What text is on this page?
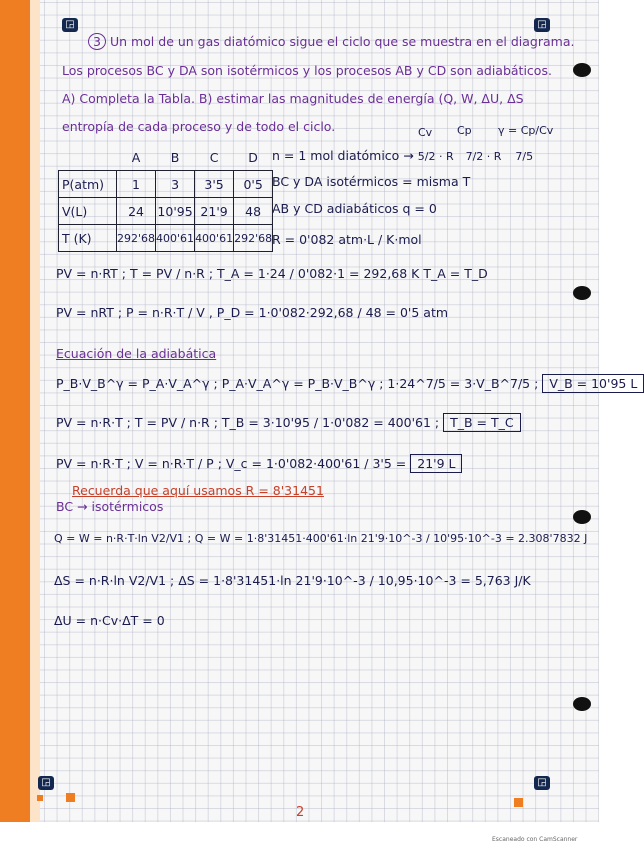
◲	◲
◲	◲
3 Un mol de un gas diatómico sigue el ciclo que se muestra en el diagrama.
Los procesos BC y DA son isotérmicos y los procesos AB y CD son adiabáticos.
A) Completa la Tabla. B) estimar las magnitudes de energía (Q, W, ΔU, ΔS
entropía de cada proceso y de todo el ciclo.	Cv Cp γ = Cp/Cv
	A	B	C	D
P(atm)	1	3	3'5	0'5
V(L)	24	10'95	21'9	48
T (K)	292'68	400'61	400'61	292'68
n = 1 mol diatómico → 5/2 · R 7/2 · R 7/5
BC y DA isotérmicos = misma T
AB y CD adiabáticos q = 0
R = 0'082 atm·L / K·mol
PV = n·RT ; T = PV / n·R ; T_A = 1·24 / 0'082·1 = 292,68 K T_A = T_D
PV = nRT ; P = n·R·T / V , P_D = 1·0'082·292,68 / 48 = 0'5 atm
Ecuación de la adiabática
P_B·V_B^γ = P_A·V_A^γ ; P_A·V_A^γ = P_B·V_B^γ ; 1·24^7/5 = 3·V_B^7/5 ; V_B = 10'95 L
PV = n·R·T ; T = PV / n·R ; T_B = 3·10'95 / 1·0'082 = 400'61 ; T_B = T_C
PV = n·R·T ; V = n·R·T / P ; V_c = 1·0'082·400'61 / 3'5 = 21'9 L
Recuerda que aquí usamos R = 8'31451
BC → isotérmicos
Q = W = n·R·T·ln V2/V1 ; Q = W = 1·8'31451·400'61·ln 21'9·10^-3 / 10'95·10^-3 = 2.308'7832 J
ΔS = n·R·ln V2/V1 ; ΔS = 1·8'31451·ln 21'9·10^-3 / 10,95·10^-3 = 5,763 J/K
ΔU = n·Cv·ΔT = 0
2
Escaneado con CamScanner
